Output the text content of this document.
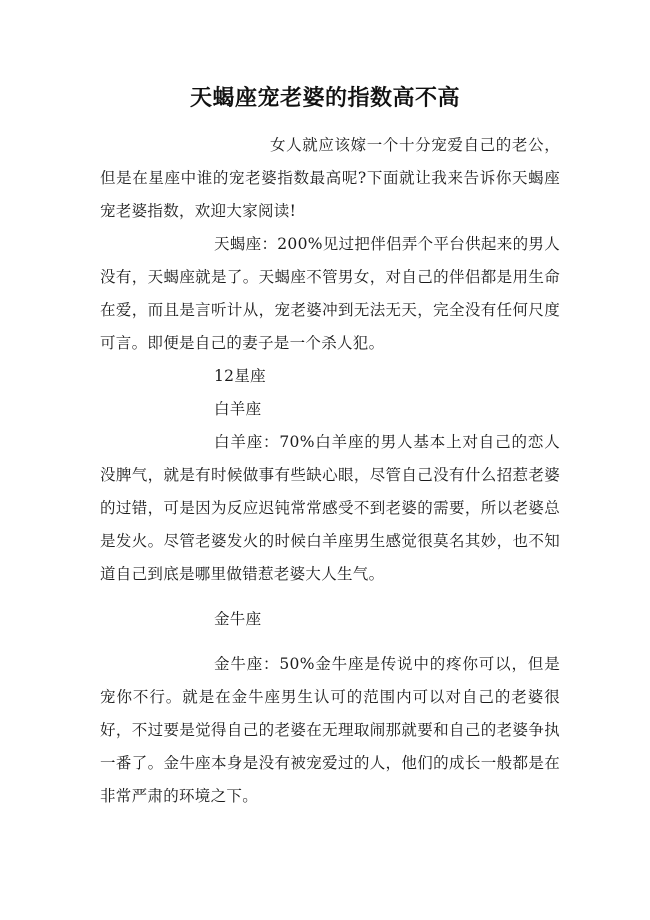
天蝎座宠老婆的指数高不高

女人就应该嫁一个十分宠爱自己的老公，但是在星座中谁的宠老婆指数最高呢?下面就让我来告诉你天蝎座宠老婆指数，欢迎大家阅读!

天蝎座：200%见过把伴侣弄个平台供起来的男人没有，天蝎座就是了。天蝎座不管男女，对自己的伴侣都是用生命在爱，而且是言听计从，宠老婆冲到无法无天，完全没有任何尺度可言。即便是自己的妻子是一个杀人犯。

12星座

白羊座

白羊座：70%白羊座的男人基本上对自己的恋人没脾气，就是有时候做事有些缺心眼，尽管自己没有什么招惹老婆的过错，可是因为反应迟钝常常感受不到老婆的需要，所以老婆总是发火。尽管老婆发火的时候白羊座男生感觉很莫名其妙，也不知道自己到底是哪里做错惹老婆大人生气。

金牛座

金牛座：50%金牛座是传说中的疼你可以，但是宠你不行。就是在金牛座男生认可的范围内可以对自己的老婆很好，不过要是觉得自己的老婆在无理取闹那就要和自己的老婆争执一番了。金牛座本身是没有被宠爱过的人，他们的成长一般都是在非常严肃的环境之下。
